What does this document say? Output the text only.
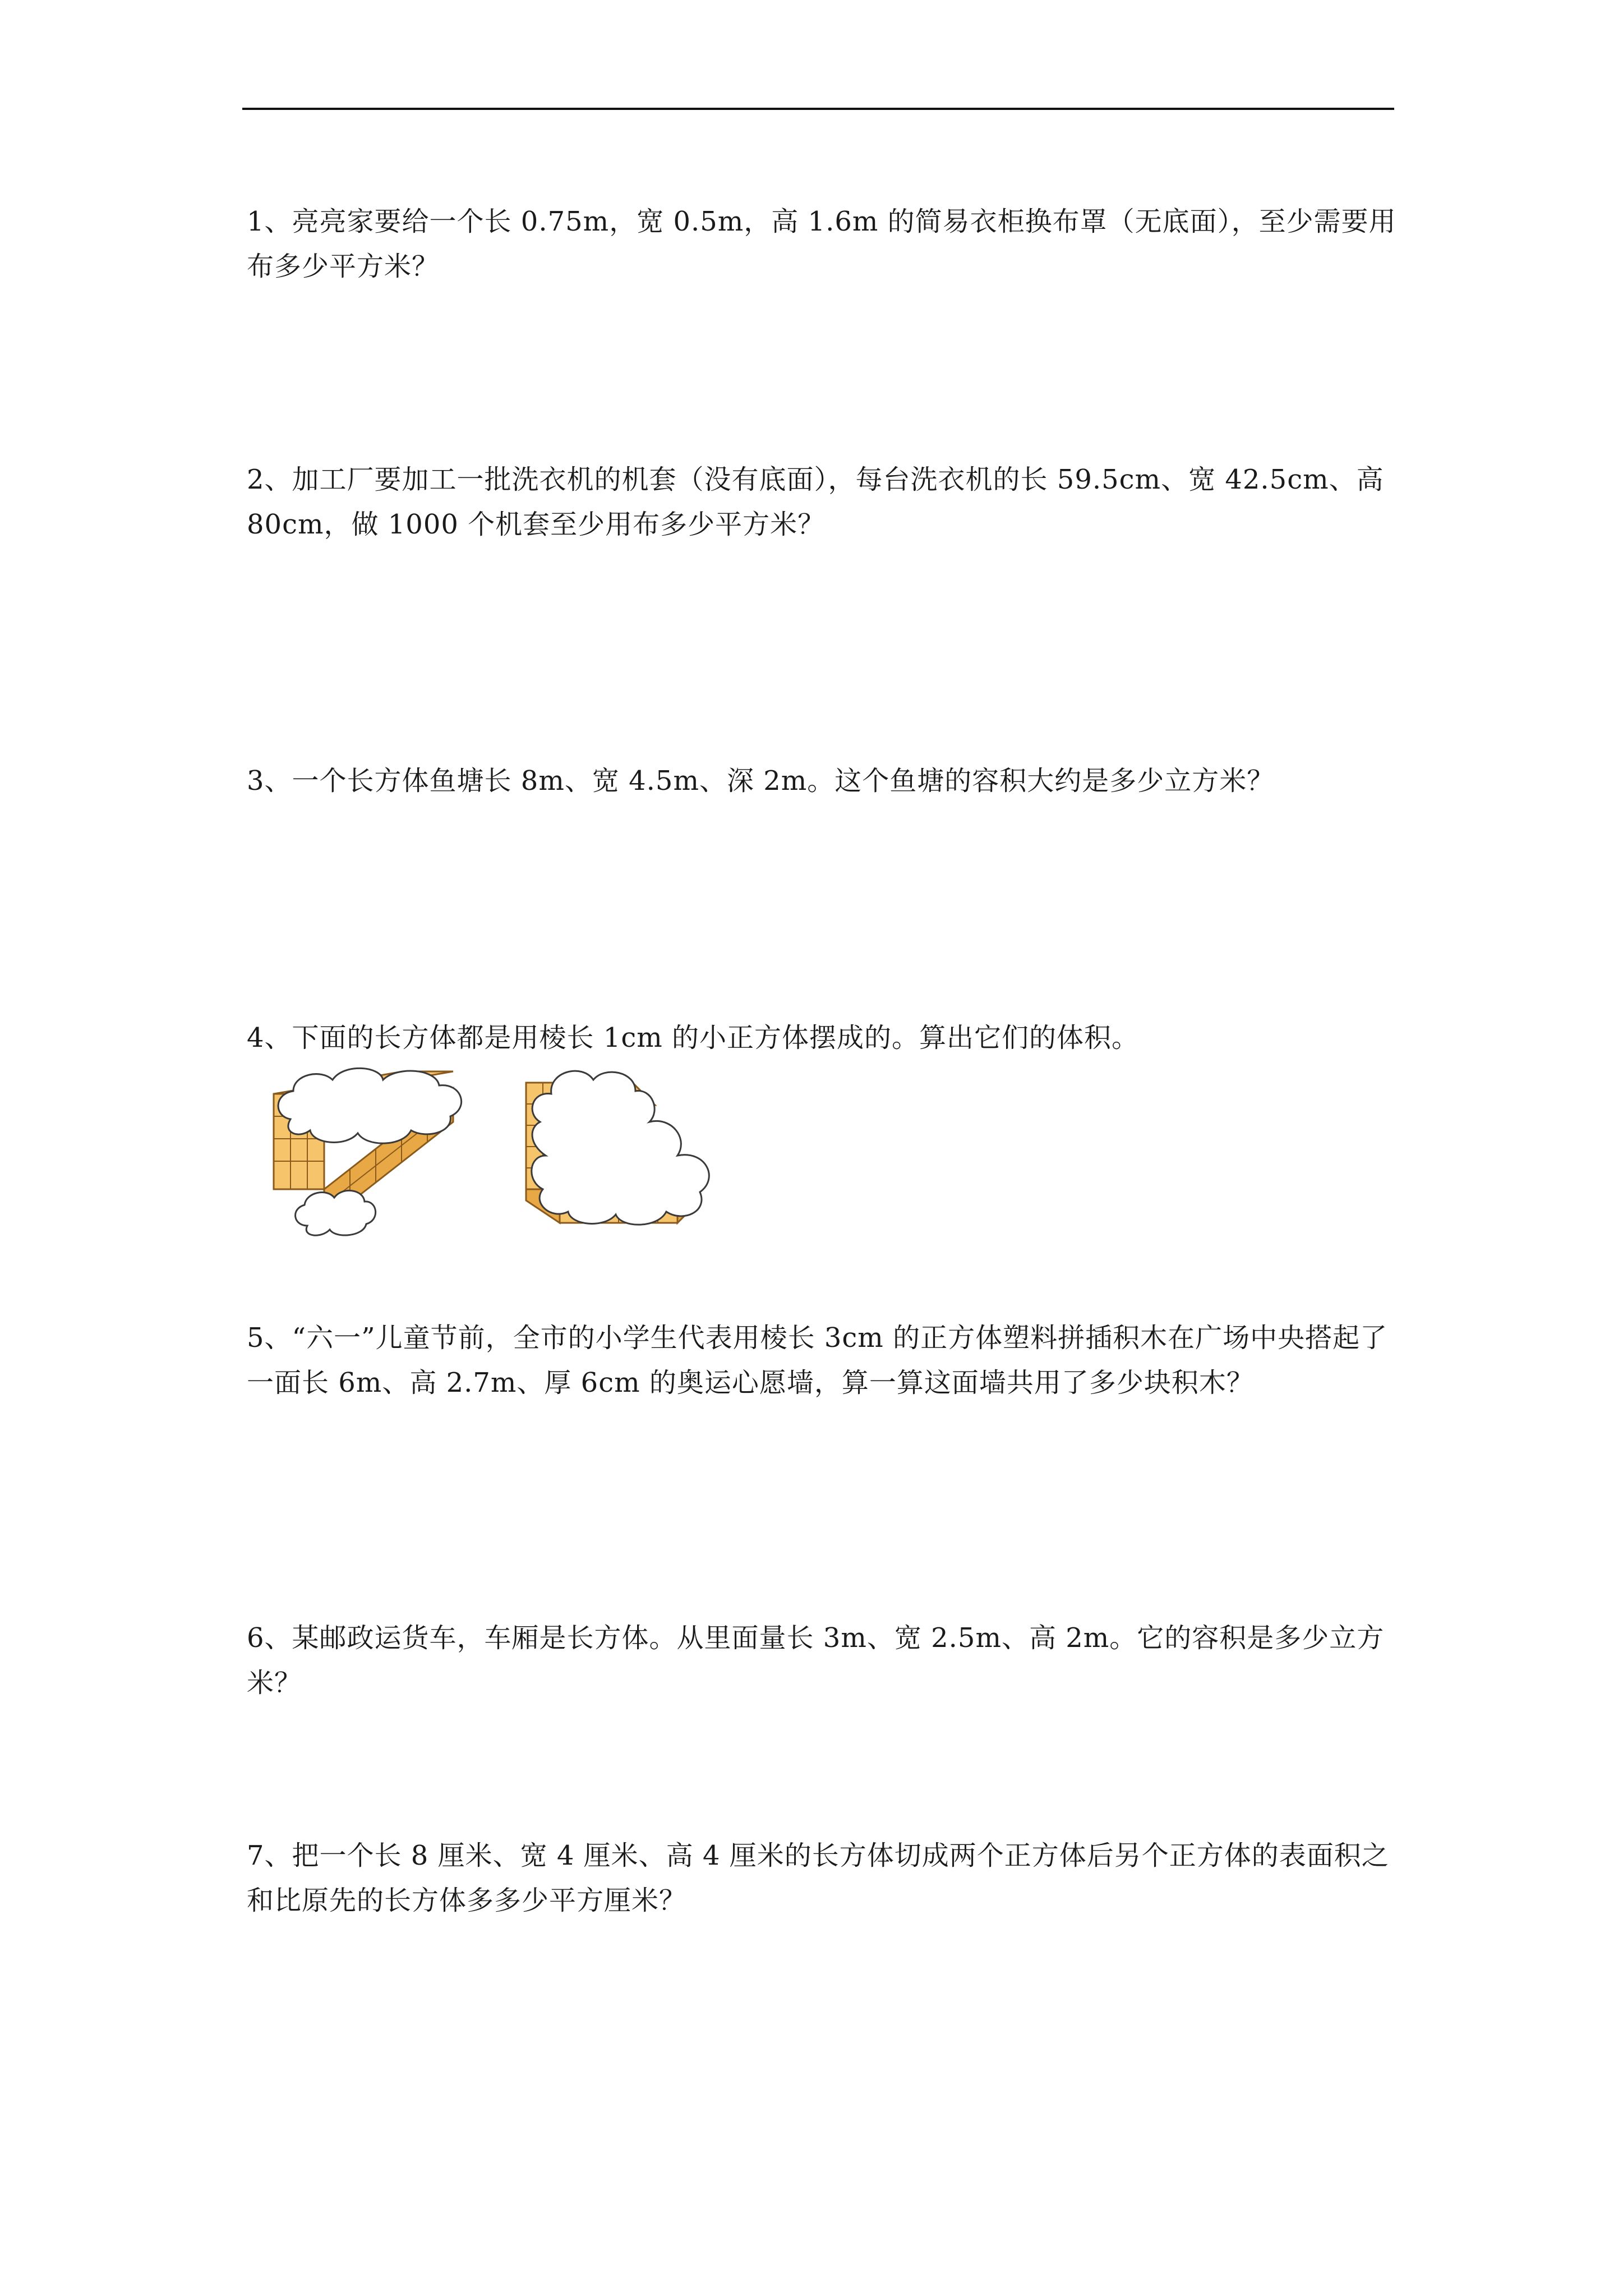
1、亮亮家要给一个长 0.75m，宽 0.5m，高 1.6m 的简易衣柜换布罩（无底面），至少需要用布多少平方米？

2、加工厂要加工一批洗衣机的机套（没有底面），每台洗衣机的长 59.5cm、宽 42.5cm、高 80cm，做 1000 个机套至少用布多少平方米？

3、一个长方体鱼塘长 8m、宽 4.5m、深 2m。这个鱼塘的容积大约是多少立方米？

4、下面的长方体都是用棱长 1cm 的小正方体摆成的。算出它们的体积。

5、“六一”儿童节前，全市的小学生代表用棱长 3cm 的正方体塑料拼插积木在广场中央搭起了一面长 6m、高 2.7m、厚 6cm 的奥运心愿墙，算一算这面墙共用了多少块积木？

6、某邮政运货车，车厢是长方体。从里面量长 3m、宽 2.5m、高 2m。它的容积是多少立方米？

7、把一个长 8 厘米、宽 4 厘米、高 4 厘米的长方体切成两个正方体后另个正方体的表面积之和比原先的长方体多多少平方厘米？
